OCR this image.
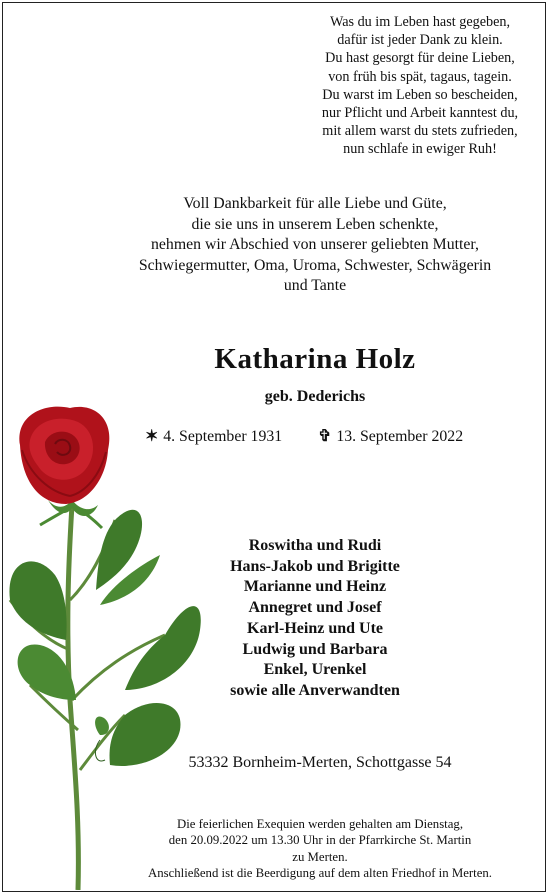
Was du im Leben hast gegeben,
dafür ist jeder Dank zu klein.
Du hast gesorgt für deine Lieben,
von früh bis spät, tagaus, tagein.
Du warst im Leben so bescheiden,
nur Pflicht und Arbeit kanntest du,
mit allem warst du stets zufrieden,
nun schlafe in ewiger Ruh!
Voll Dankbarkeit für alle Liebe und Güte,
die sie uns in unserem Leben schenkte,
nehmen wir Abschied von unserer geliebten Mutter,
Schwiegermutter, Oma, Uroma, Schwester, Schwägerin
und Tante
Katharina Holz
geb. Dederichs
✶ 4. September 1931 ✞ 13. September 2022
Roswitha und Rudi
Hans-Jakob und Brigitte
Marianne und Heinz
Annegret und Josef
Karl-Heinz und Ute
Ludwig und Barbara
Enkel, Urenkel
sowie alle Anverwandten
53332 Bornheim-Merten, Schottgasse 54
Die feierlichen Exequien werden gehalten am Dienstag,
den 20.09.2022 um 13.30 Uhr in der Pfarrkirche St. Martin
zu Merten.
Anschließend ist die Beerdigung auf dem alten Friedhof in Merten.
